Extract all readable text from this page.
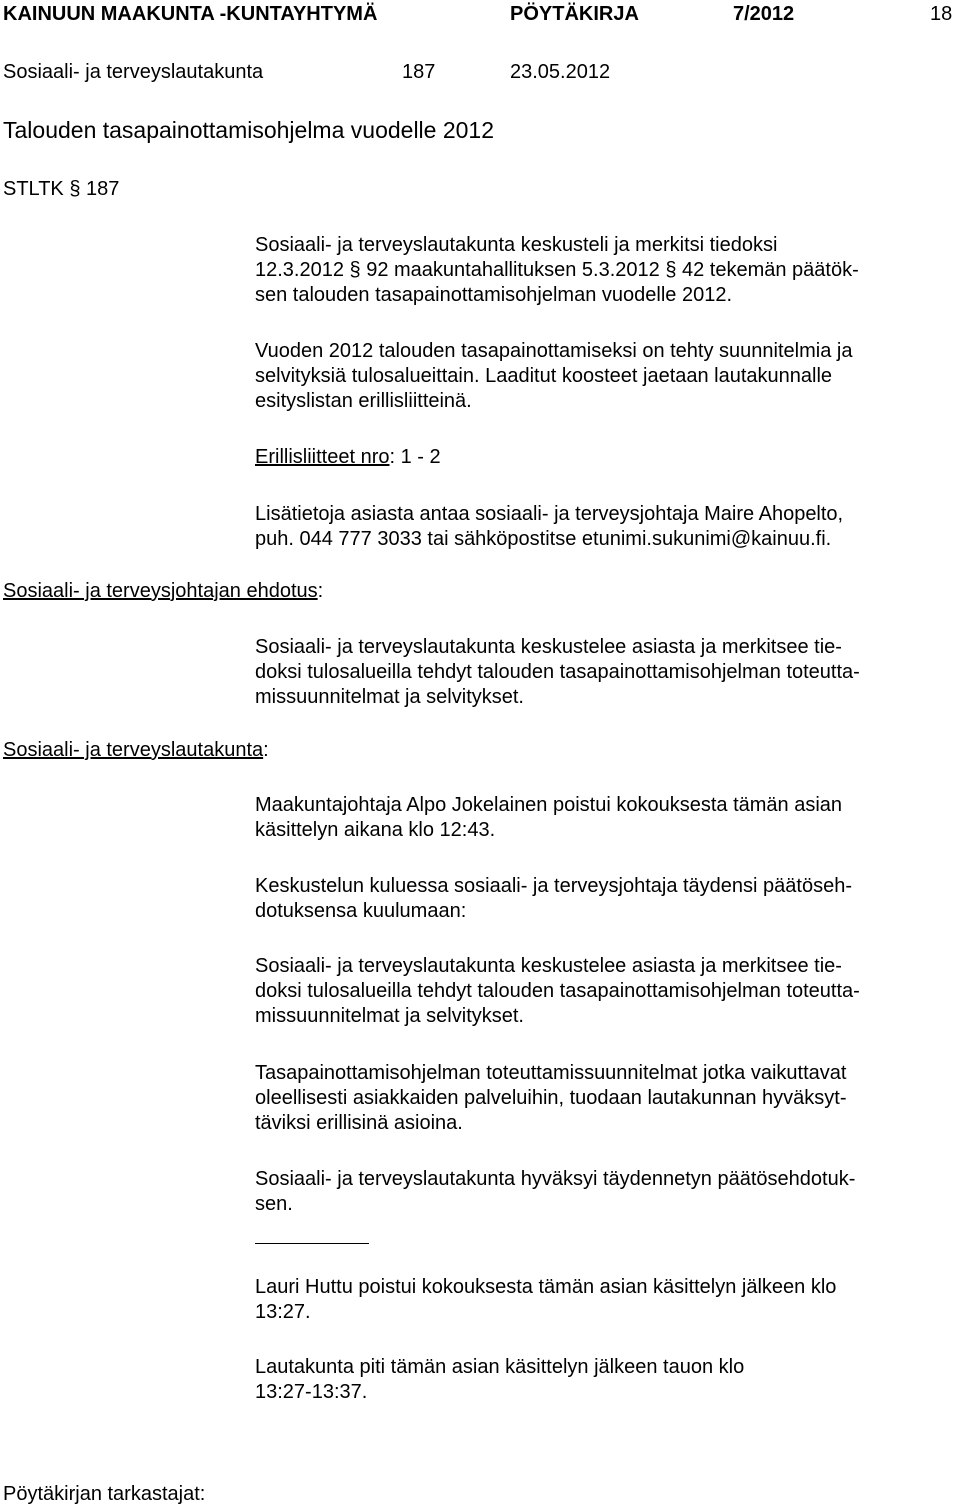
KAINUUN MAAKUNTA -KUNTAYHTYMÄ	PÖYTÄKIRJA	7/2012	18
Sosiaali- ja terveyslautakunta	187	23.05.2012
Talouden tasapainottamisohjelma vuodelle 2012
STLTK § 187
Sosiaali- ja terveyslautakunta keskusteli ja merkitsi tiedoksi
12.3.2012 § 92 maakuntahallituksen 5.3.2012 § 42 tekemän päätök-
sen talouden tasapainottamisohjelman vuodelle 2012.
Vuoden 2012 talouden tasapainottamiseksi on tehty suunnitelmia ja
selvityksiä tulosalueittain. Laaditut koosteet jaetaan lautakunnalle
esityslistan erillisliitteinä.
Erillisliitteet nro: 1 - 2
Lisätietoja asiasta antaa sosiaali- ja terveysjohtaja Maire Ahopelto,
puh. 044 777 3033 tai sähköpostitse etunimi.sukunimi@kainuu.fi.
Sosiaali- ja terveysjohtajan ehdotus:
Sosiaali- ja terveyslautakunta keskustelee asiasta ja merkitsee tie-
doksi tulosalueilla tehdyt talouden tasapainottamisohjelman toteutta-
missuunnitelmat ja selvitykset.
Sosiaali- ja terveyslautakunta:
Maakuntajohtaja Alpo Jokelainen poistui kokouksesta tämän asian
käsittelyn aikana klo 12:43.
Keskustelun kuluessa sosiaali- ja terveysjohtaja täydensi päätöseh-
dotuksensa kuulumaan:
Sosiaali- ja terveyslautakunta keskustelee asiasta ja merkitsee tie-
doksi tulosalueilla tehdyt talouden tasapainottamisohjelman toteutta-
missuunnitelmat ja selvitykset.
Tasapainottamisohjelman toteuttamissuunnitelmat jotka vaikuttavat
oleellisesti asiakkaiden palveluihin, tuodaan lautakunnan hyväksyt-
täviksi erillisinä asioina.
Sosiaali- ja terveyslautakunta hyväksyi täydennetyn päätösehdotuk-
sen.
Lauri Huttu poistui kokouksesta tämän asian käsittelyn jälkeen klo
13:27.
Lautakunta piti tämän asian käsittelyn jälkeen tauon klo
13:27-13:37.
Pöytäkirjan tarkastajat:
